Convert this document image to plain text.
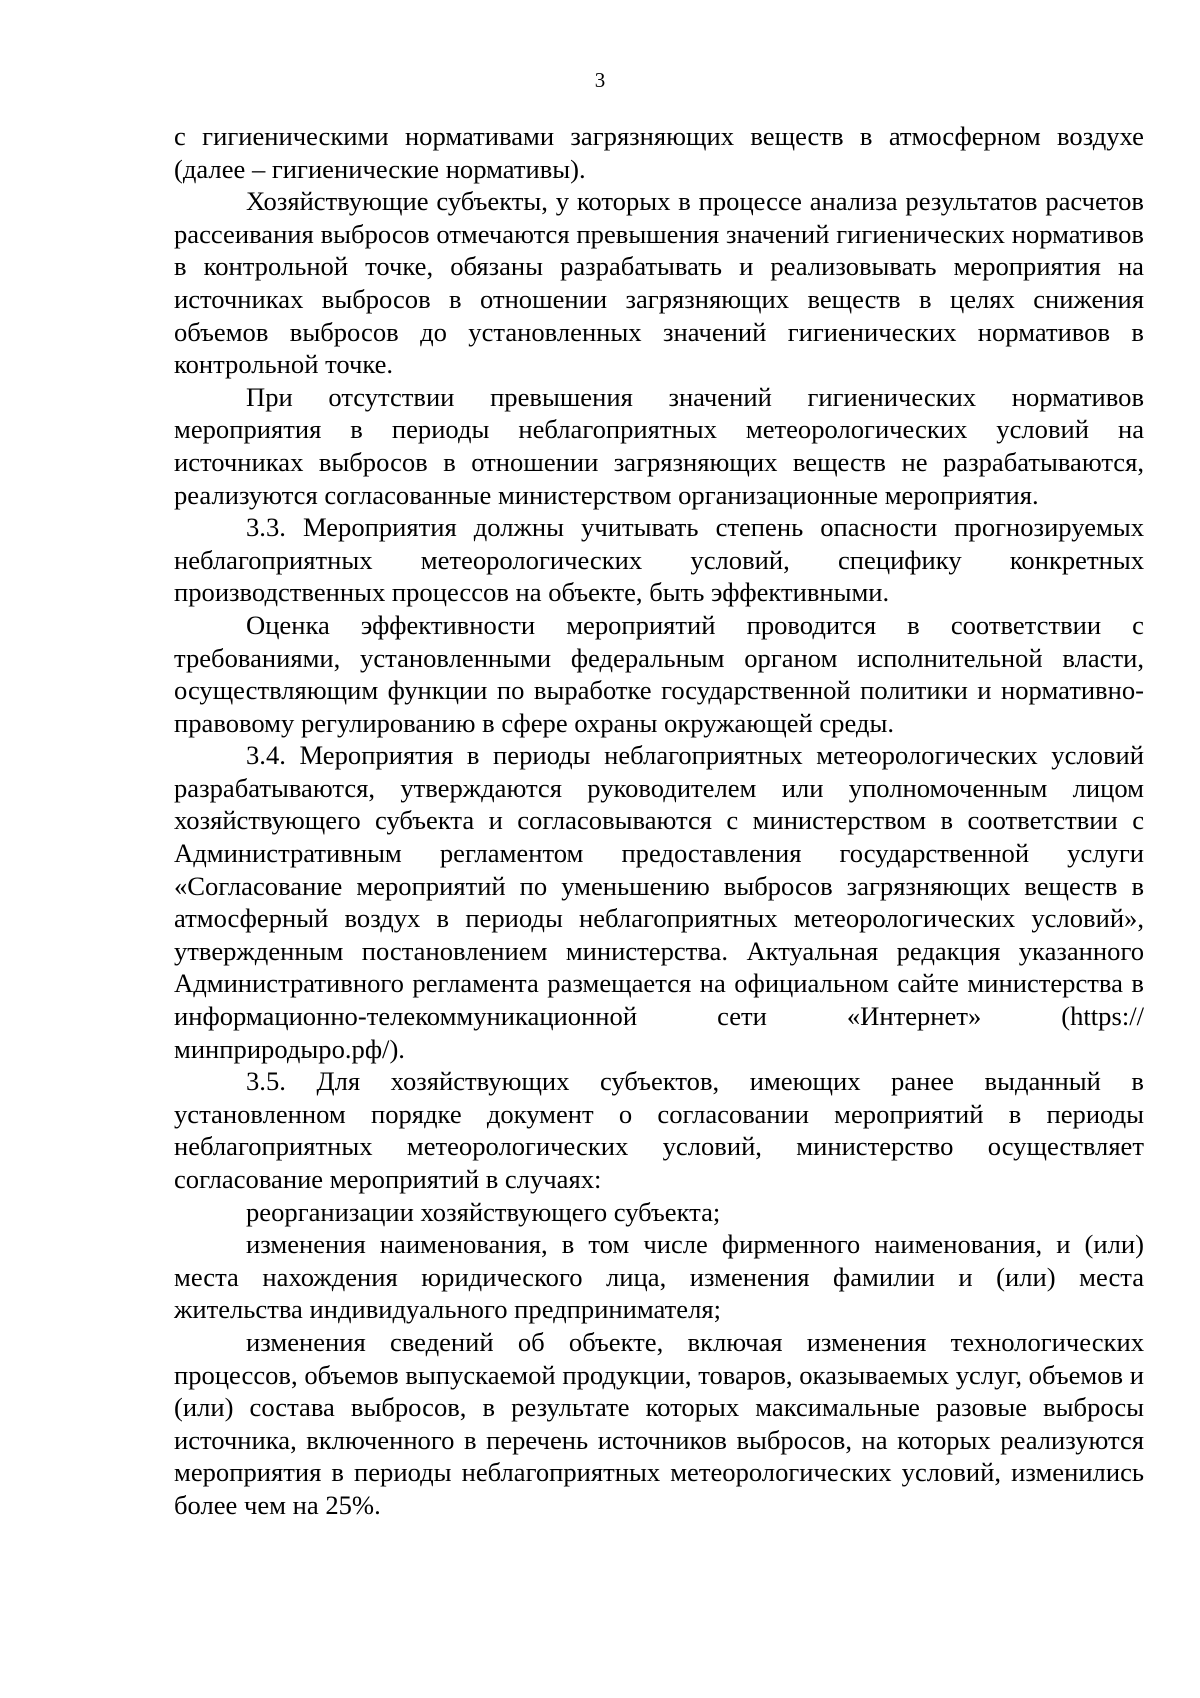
3

с гигиеническими нормативами загрязняющих веществ в атмосферном воздухе (далее – гигиенические нормативы).

Хозяйствующие субъекты, у которых в процессе анализа результатов расчетов рассеивания выбросов отмечаются превышения значений гигиенических нормативов в контрольной точке, обязаны разрабатывать и реализовывать мероприятия на источниках выбросов в отношении загрязняющих веществ в целях снижения объемов выбросов до установленных значений гигиенических нормативов в контрольной точке.

При отсутствии превышения значений гигиенических нормативов мероприятия в периоды неблагоприятных метеорологических условий на источниках выбросов в отношении загрязняющих веществ не разрабатываются, реализуются согласованные министерством организационные мероприятия.

3.3. Мероприятия должны учитывать степень опасности прогнозируемых неблагоприятных метеорологических условий, специфику конкретных производственных процессов на объекте, быть эффективными.

Оценка эффективности мероприятий проводится в соответствии с требованиями, установленными федеральным органом исполнительной власти, осуществляющим функции по выработке государственной политики и нормативно-правовому регулированию в сфере охраны окружающей среды.

3.4. Мероприятия в периоды неблагоприятных метеорологических условий разрабатываются, утверждаются руководителем или уполномоченным лицом хозяйствующего субъекта и согласовываются с министерством в соответствии с Административным регламентом предоставления государственной услуги «Согласование мероприятий по уменьшению выбросов загрязняющих веществ в атмосферный воздух в периоды неблагоприятных метеорологических условий», утвержденным постановлением министерства. Актуальная редакция указанного Административного регламента размещается на официальном сайте министерства в информационно-телекоммуникационной сети «Интернет» (https://минприродыро.рф/).

3.5. Для хозяйствующих субъектов, имеющих ранее выданный в установленном порядке документ о согласовании мероприятий в периоды неблагоприятных метеорологических условий, министерство осуществляет согласование мероприятий в случаях:

реорганизации хозяйствующего субъекта;

изменения наименования, в том числе фирменного наименования, и (или) места нахождения юридического лица, изменения фамилии и (или) места жительства индивидуального предпринимателя;

изменения сведений об объекте, включая изменения технологических процессов, объемов выпускаемой продукции, товаров, оказываемых услуг, объемов и (или) состава выбросов, в результате которых максимальные разовые выбросы источника, включенного в перечень источников выбросов, на которых реализуются мероприятия в периоды неблагоприятных метеорологических условий, изменились более чем на 25%.
